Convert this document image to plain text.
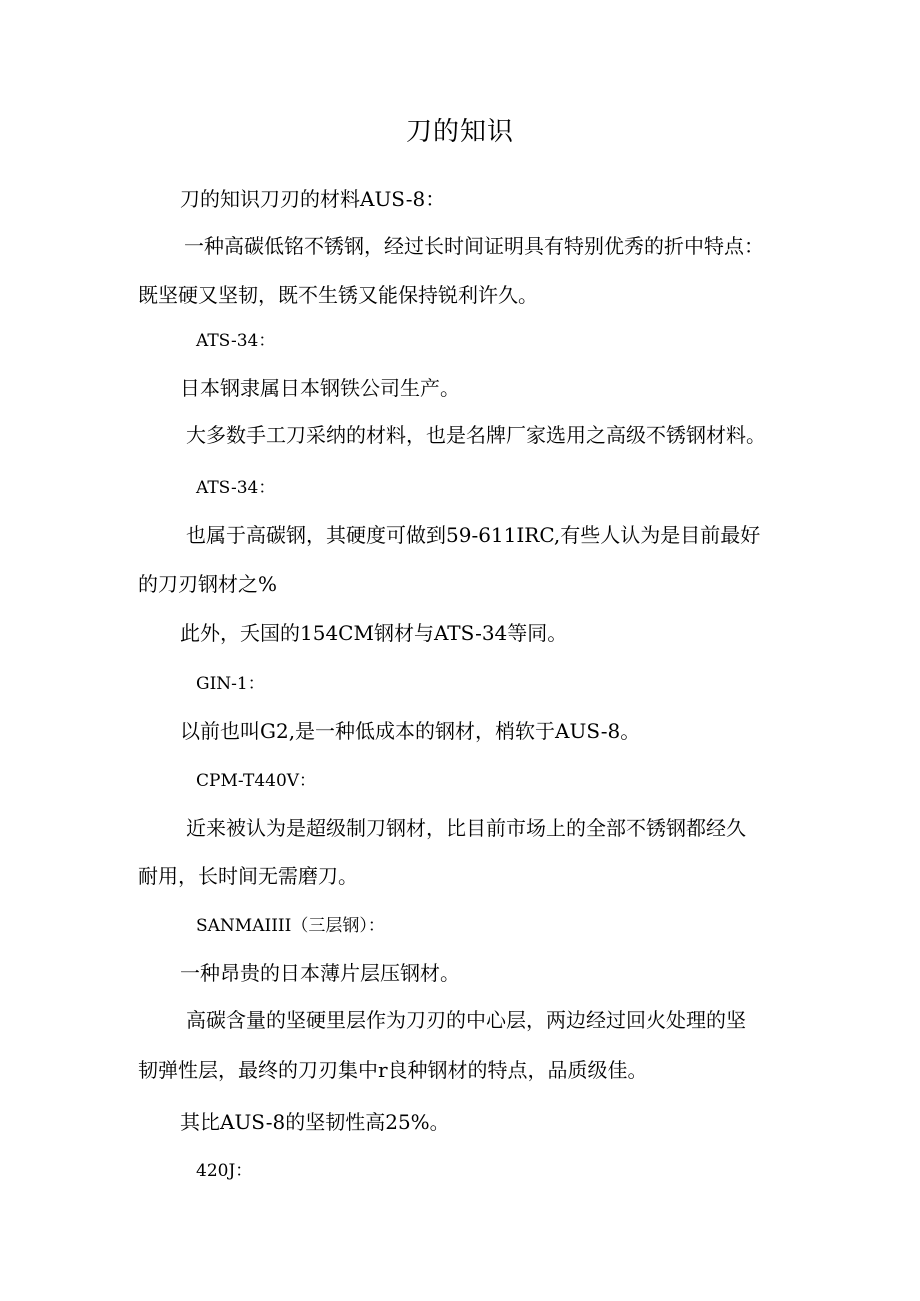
刀的知识
刀的知识刀刃的材料AUS-8：
一种高碳低铭不锈钢，经过长时间证明具有特别优秀的折中特点：
既坚硬又坚韧，既不生锈又能保持锐利许久。
ATS-34：
日本钢隶属日本钢铁公司生产。
大多数手工刀采纳的材料，也是名牌厂家选用之高级不锈钢材料。
ATS-34：
也属于高碳钢，其硬度可做到59-611IRC,有些人认为是目前最好
的刀刃钢材之%
此外，夭国的154CM钢材与ATS-34等同。
GIN-1：
以前也叫G2,是一种低成本的钢材，梢软于AUS-8。
CPM-T440V：
近来被认为是超级制刀钢材，比目前市场上的全部不锈钢都经久
耐用，长时间无需磨刀。
SANMAIIII（三层钢）：
一种昂贵的日本薄片层压钢材。
高碳含量的坚硬里层作为刀刃的中心层，两边经过回火处理的坚
韧弹性层，最终的刀刃集中r良种钢材的特点，品质级佳。
其比AUS-8的坚韧性高25%。
420J：
